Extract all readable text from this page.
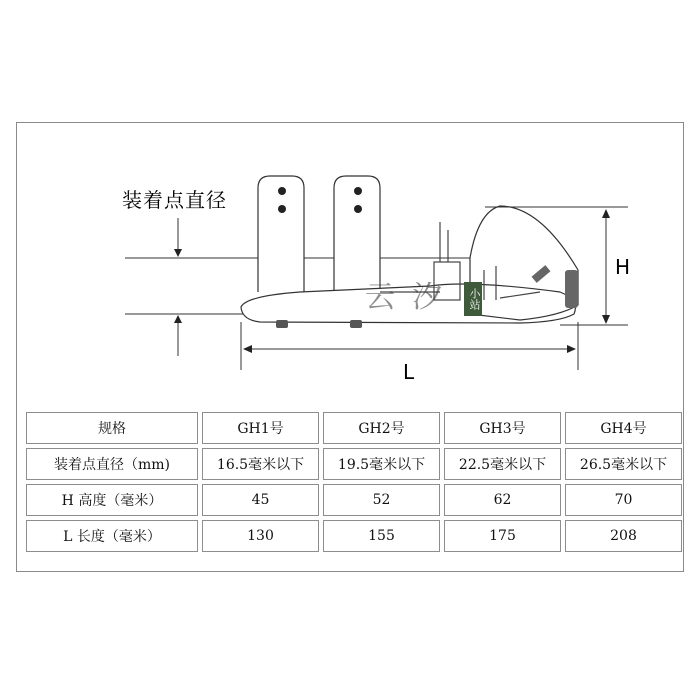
装着点直径
H
L
云 汐	小站
规格	GH1号	GH2号	GH3号	GH4号
装着点直径（mm)	16.5毫米以下	19.5毫米以下	22.5毫米以下	26.5毫米以下
H 高度（毫米）	45	52	62	70
L 长度（毫米）	130	155	175	208
